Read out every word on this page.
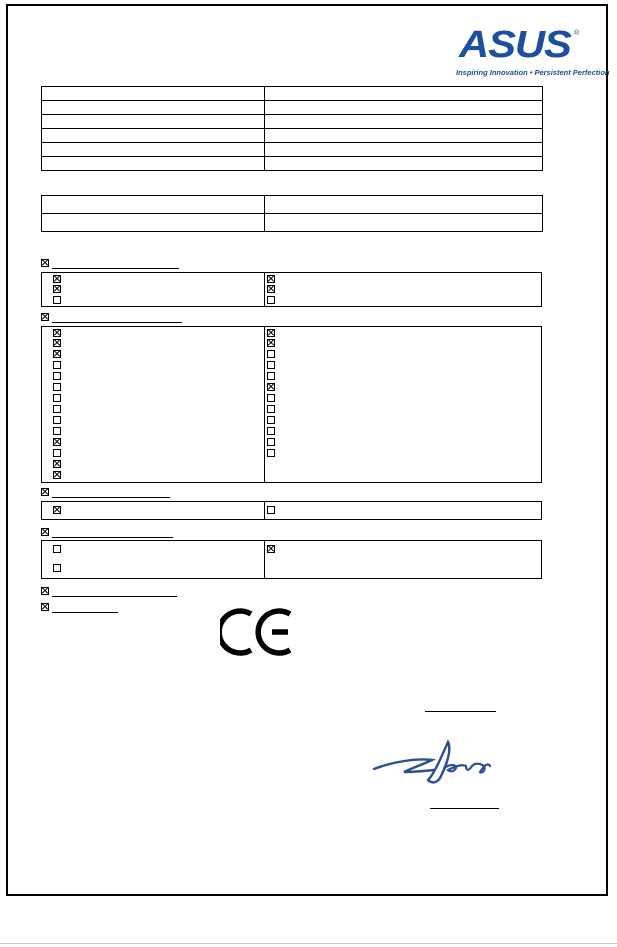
ASUS ®
Inspiring Innovation • Persistent Perfection
